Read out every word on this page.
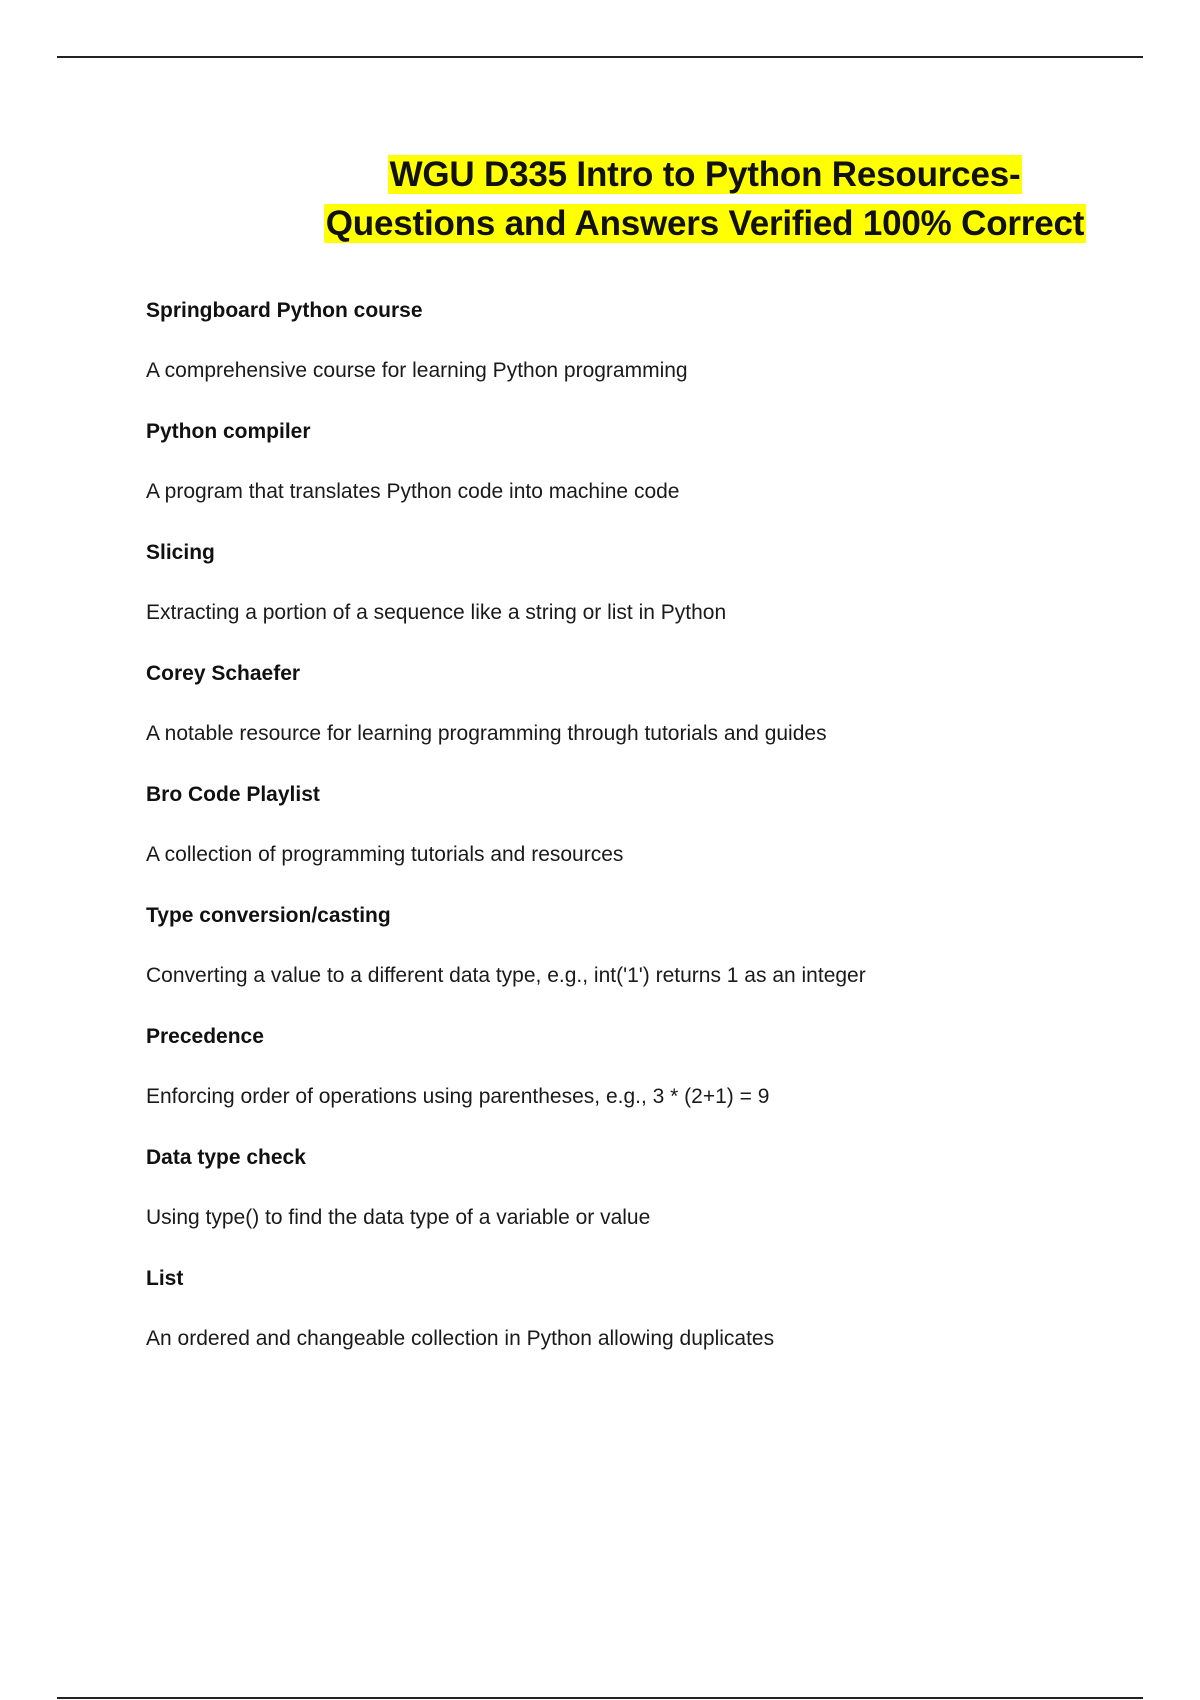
WGU D335 Intro to Python Resources-
Questions and Answers Verified 100% Correct
Springboard Python course
A comprehensive course for learning Python programming
Python compiler
A program that translates Python code into machine code
Slicing
Extracting a portion of a sequence like a string or list in Python
Corey Schaefer
A notable resource for learning programming through tutorials and guides
Bro Code Playlist
A collection of programming tutorials and resources
Type conversion/casting
Converting a value to a different data type, e.g., int('1') returns 1 as an integer
Precedence
Enforcing order of operations using parentheses, e.g., 3 * (2+1) = 9
Data type check
Using type() to find the data type of a variable or value
List
An ordered and changeable collection in Python allowing duplicates
